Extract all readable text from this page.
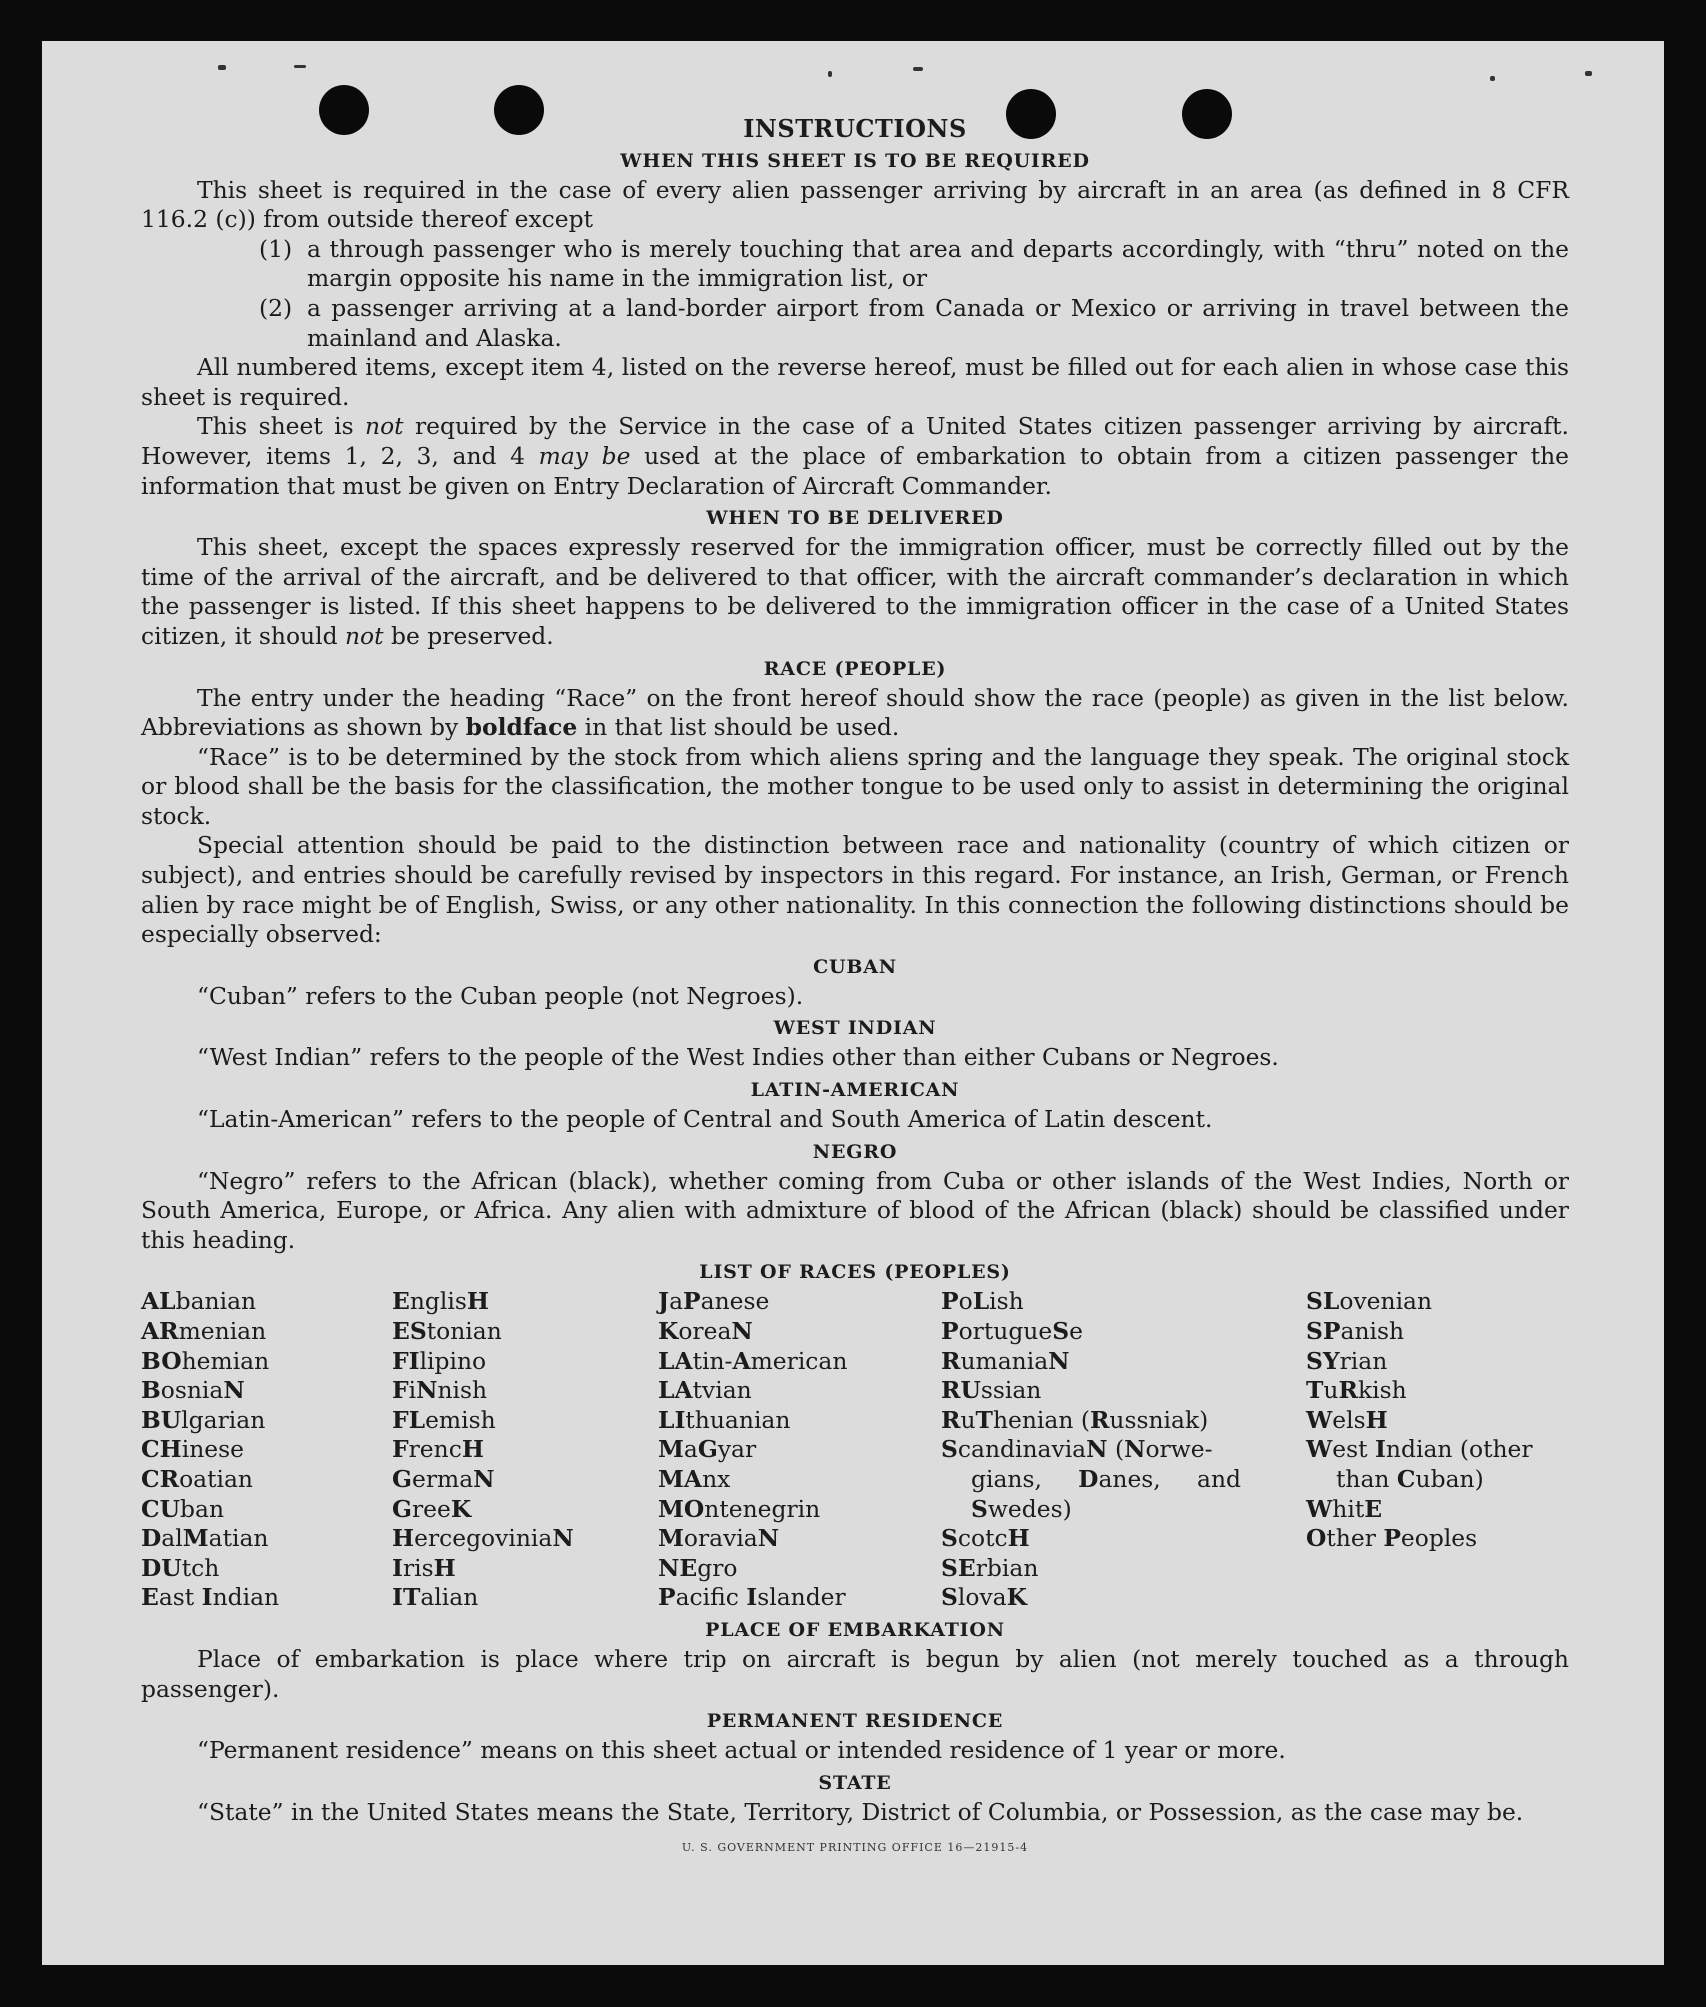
INSTRUCTIONS
WHEN THIS SHEET IS TO BE REQUIRED

This sheet is required in the case of every alien passenger arriving by aircraft in an area (as defined in 8 CFR 116.2 (c)) from outside thereof except

(1) a through passenger who is merely touching that area and departs accordingly, with “thru” noted on the margin opposite his name in the immigration list, or
(2) a passenger arriving at a land-border airport from Canada or Mexico or arriving in travel between the mainland and Alaska.

All numbered items, except item 4, listed on the reverse hereof, must be filled out for each alien in whose case this sheet is required.

This sheet is not required by the Service in the case of a United States citizen passenger arriving by aircraft. However, items 1, 2, 3, and 4 may be used at the place of embarkation to obtain from a citizen passenger the information that must be given on Entry Declaration of Aircraft Commander.

WHEN TO BE DELIVERED

This sheet, except the spaces expressly reserved for the immigration officer, must be correctly filled out by the time of the arrival of the aircraft, and be delivered to that officer, with the aircraft commander’s declaration in which the passenger is listed. If this sheet happens to be delivered to the immigration officer in the case of a United States citizen, it should not be preserved.

RACE (PEOPLE)

The entry under the heading “Race” on the front hereof should show the race (people) as given in the list below. Abbreviations as shown by boldface in that list should be used.

“Race” is to be determined by the stock from which aliens spring and the language they speak. The original stock or blood shall be the basis for the classification, the mother tongue to be used only to assist in determining the original stock.

Special attention should be paid to the distinction between race and nationality (country of which citizen or subject), and entries should be carefully revised by inspectors in this regard. For instance, an Irish, German, or French alien by race might be of English, Swiss, or any other nationality. In this connection the following distinctions should be especially observed:

CUBAN

“Cuban” refers to the Cuban people (not Negroes).

WEST INDIAN

“West Indian” refers to the people of the West Indies other than either Cubans or Negroes.

LATIN-AMERICAN

“Latin-American” refers to the people of Central and South America of Latin descent.

NEGRO

“Negro” refers to the African (black), whether coming from Cuba or other islands of the West Indies, North or South America, Europe, or Africa. Any alien with admixture of blood of the African (black) should be classified under this heading.

LIST OF RACES (PEOPLES)
ALbanian
ARmenian
BOhemian
BosniaN
BUlgarian
CHinese
CRoatian
CUban
DalMatian
DUtch
East Indian
EnglisH
EStonian
FIlipino
FiNnish
FLemish
FrencH
GermaN
GreeK
HercegoviniaN
IrisH
ITalian
JaPanese
KoreaN
LAtin-American
LAtvian
LIthuanian
MaGyar
MAnx
MOntenegrin
MoraviaN
NEgro
Pacific Islander
PoLish
PortugueSe
RumaniaN
RUssian
RuThenian (Russniak)
ScandinaviaN (Norwe-
gians, Danes, and
Swedes)
ScotcH
SErbian
SlovaK
SLovenian
SPanish
SYrian
TuRkish
WelsH
West Indian (other
than Cuban)
WhitE
Other Peoples
PLACE OF EMBARKATION

Place of embarkation is place where trip on aircraft is begun by alien (not merely touched as a through passenger).

PERMANENT RESIDENCE

“Permanent residence” means on this sheet actual or intended residence of 1 year or more.

STATE

“State” in the United States means the State, Territory, District of Columbia, or Possession, as the case may be.

U. S. GOVERNMENT PRINTING OFFICE 16—21915-4
